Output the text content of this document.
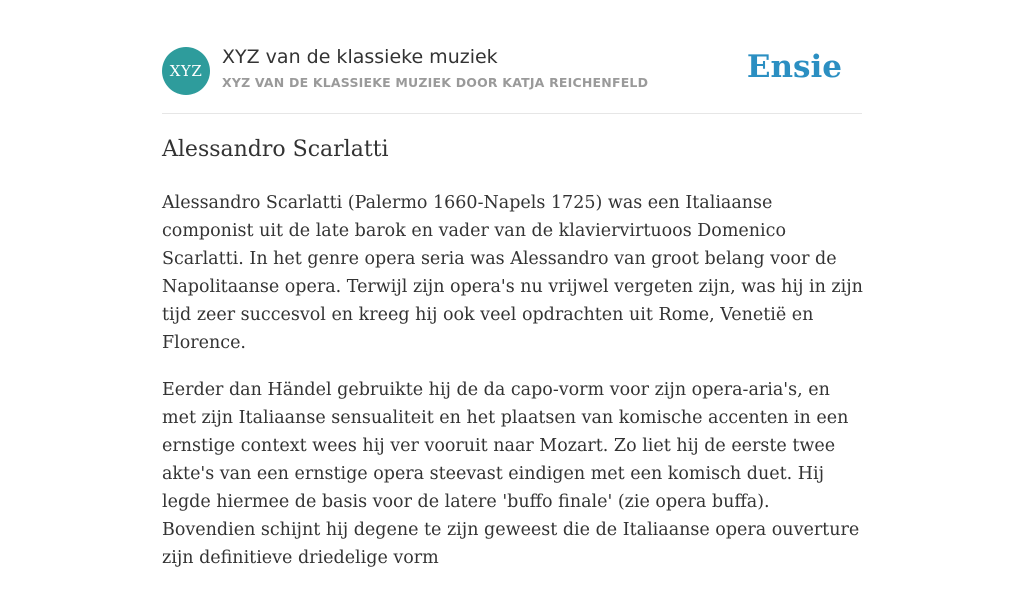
XYZ
XYZ van de klassieke muziek
XYZ VAN DE KLASSIEKE MUZIEK DOOR KATJA REICHENFELD	Ensie
Alessandro Scarlatti

Alessandro Scarlatti (Palermo 1660-Napels 1725) was een Italiaanse componist uit de late barok en vader van de klaviervirtuoos Domenico Scarlatti. In het genre opera seria was Alessandro van groot belang voor de Napolitaanse opera. Terwijl zijn opera's nu vrijwel vergeten zijn, was hij in zijn tijd zeer succesvol en kreeg hij ook veel opdrachten uit Rome, Venetië en Florence.

Eerder dan Händel gebruikte hij de da capo-vorm voor zijn opera-aria's, en met zijn Italiaanse sensualiteit en het plaatsen van komische accenten in een ernstige context wees hij ver vooruit naar Mozart. Zo liet hij de eerste twee akte's van een ernstige opera steevast eindigen met een komisch duet. Hij legde hiermee de basis voor de latere 'buffo finale' (zie opera buffa). Bovendien schijnt hij degene te zijn geweest die de Italiaanse opera ouverture zijn definitieve driedelige vorm
